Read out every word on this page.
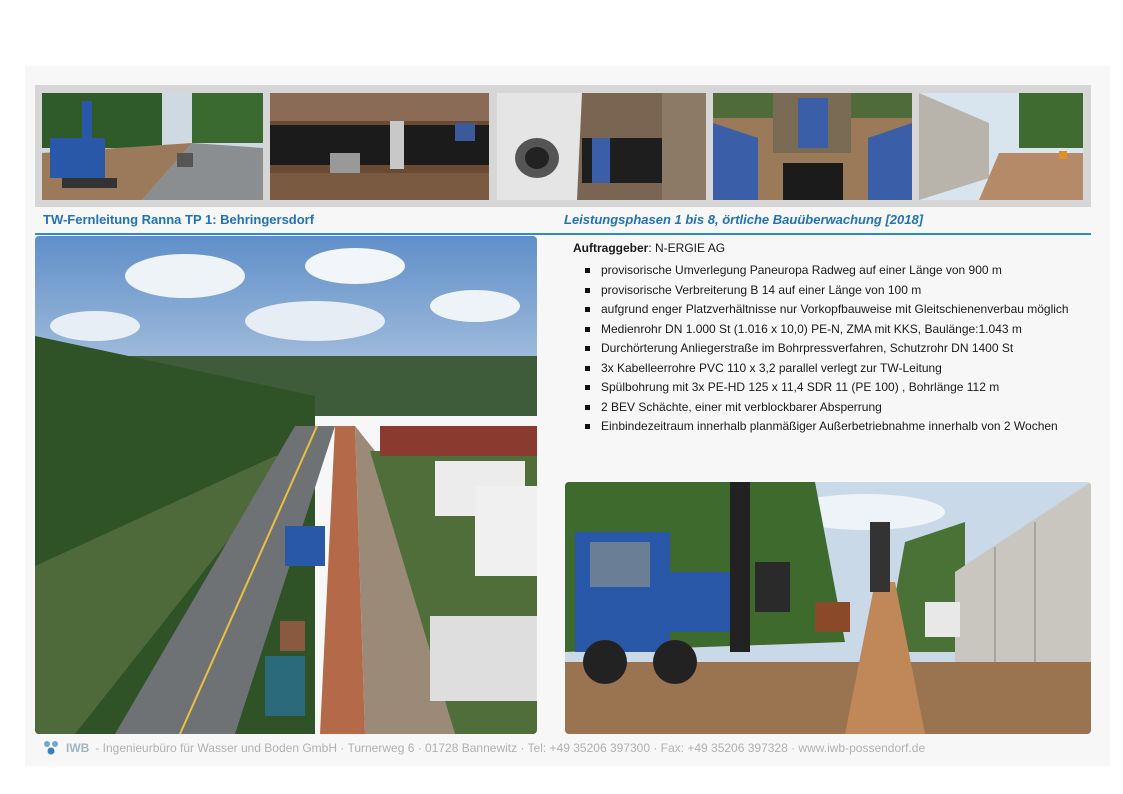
TW-Fernleitung Ranna TP 1: Behringersdorf	Leistungsphasen 1 bis 8, örtliche Bauüberwachung [2018]
Auftraggeber: N-ERGIE AG
provisorische Umverlegung Paneuropa Radweg auf einer Länge von 900 m
provisorische Verbreiterung B 14 auf einer Länge von 100 m
aufgrund enger Platzverhältnisse nur Vorkopfbauweise mit Gleitschienenverbau möglich
Medienrohr DN 1.000 St (1.016 x 10,0) PE-N, ZMA mit KKS, Baulänge:1.043 m
Durchörterung Anliegerstraße im Bohrpressverfahren, Schutzrohr DN 1400 St
3x Kabelleerrohre PVC 110 x 3,2 parallel verlegt zur TW-Leitung
Spülbohrung mit 3x PE-HD 125 x 11,4 SDR 11 (PE 100) , Bohrlänge 112 m
2 BEV Schächte, einer mit verblockbarer Absperrung
Einbindezeitraum innerhalb planmäßiger Außerbetriebnahme innerhalb von 2 Wochen
IWB - Ingenieurbüro für Wasser und Boden GmbH · Turnerweg 6 · 01728 Bannewitz · Tel: +49 35206 397300 · Fax: +49 35206 397328 · www.iwb-possendorf.de
